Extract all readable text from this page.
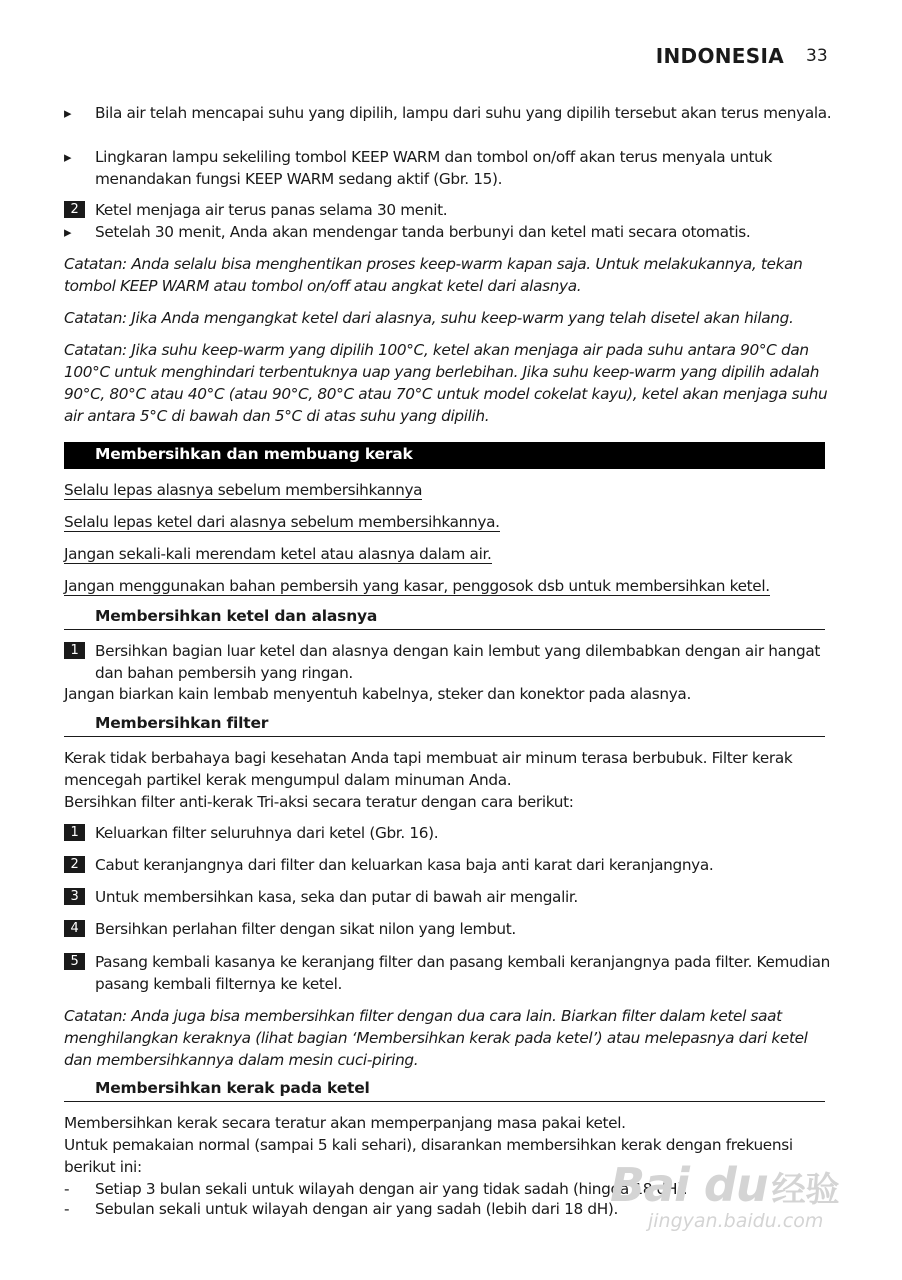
INDONESIA 33
▸ Bila air telah mencapai suhu yang dipilih, lampu dari suhu yang dipilih tersebut akan terus menyala.
▸ Lingkaran lampu sekeliling tombol KEEP WARM dan tombol on/off akan terus menyala untuk menandakan fungsi KEEP WARM sedang aktif (Gbr. 15).
2	Ketel menjaga air terus panas selama 30 menit.
▸ Setelah 30 menit, Anda akan mendengar tanda berbunyi dan ketel mati secara otomatis.
Catatan: Anda selalu bisa menghentikan proses keep-warm kapan saja. Untuk melakukannya, tekan tombol KEEP WARM atau tombol on/off atau angkat ketel dari alasnya.
Catatan: Jika Anda mengangkat ketel dari alasnya, suhu keep-warm yang telah disetel akan hilang.
Catatan: Jika suhu keep-warm yang dipilih 100°C, ketel akan menjaga air pada suhu antara 90°C dan 100°C untuk menghindari terbentuknya uap yang berlebihan. Jika suhu keep-warm yang dipilih adalah 90°C, 80°C atau 40°C (atau 90°C, 80°C atau 70°C untuk model cokelat kayu), ketel akan menjaga suhu air antara 5°C di bawah dan 5°C di atas suhu yang dipilih.
Membersihkan dan membuang kerak
Selalu lepas alasnya sebelum membersihkannya
Selalu lepas ketel dari alasnya sebelum membersihkannya.
Jangan sekali-kali merendam ketel atau alasnya dalam air.
Jangan menggunakan bahan pembersih yang kasar, penggosok dsb untuk membersihkan ketel.
Membersihkan ketel dan alasnya
1	Bersihkan bagian luar ketel dan alasnya dengan kain lembut yang dilembabkan dengan air hangat dan bahan pembersih yang ringan.
Jangan biarkan kain lembab menyentuh kabelnya, steker dan konektor pada alasnya.
Membersihkan filter
Kerak tidak berbahaya bagi kesehatan Anda tapi membuat air minum terasa berbubuk. Filter kerak mencegah partikel kerak mengumpul dalam minuman Anda.
Bersihkan filter anti-kerak Tri-aksi secara teratur dengan cara berikut:
1	Keluarkan filter seluruhnya dari ketel (Gbr. 16).
2	Cabut keranjangnya dari filter dan keluarkan kasa baja anti karat dari keranjangnya.
3	Untuk membersihkan kasa, seka dan putar di bawah air mengalir.
4	Bersihkan perlahan filter dengan sikat nilon yang lembut.
5	Pasang kembali kasanya ke keranjang filter dan pasang kembali keranjangnya pada filter. Kemudian pasang kembali filternya ke ketel.
Catatan: Anda juga bisa membersihkan filter dengan dua cara lain. Biarkan filter dalam ketel saat menghilangkan keraknya (lihat bagian ‘Membersihkan kerak pada ketel’) atau melepasnya dari ketel dan membersihkannya dalam mesin cuci-piring.
Membersihkan kerak pada ketel
Membersihkan kerak secara teratur akan memperpanjang masa pakai ketel.
Untuk pemakaian normal (sampai 5 kali sehari), disarankan membersihkan kerak dengan frekuensi berikut ini:
- Setiap 3 bulan sekali untuk wilayah dengan air yang tidak sadah (hingga 18 dH).
- Sebulan sekali untuk wilayah dengan air yang sadah (lebih dari 18 dH).
Bai du 经验
jingyan.baidu.com
